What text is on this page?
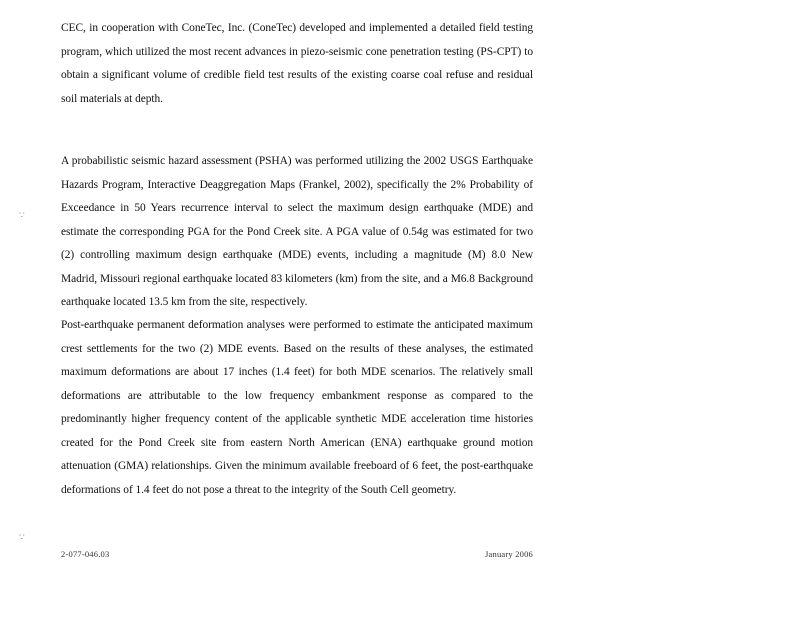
CEC, in cooperation with ConeTec, Inc. (ConeTec) developed and implemented a detailed field testing program, which utilized the most recent advances in piezo-seismic cone penetration testing (PS-CPT) to obtain a significant volume of credible field test results of the existing coarse coal refuse and residual soil materials at depth.

A probabilistic seismic hazard assessment (PSHA) was performed utilizing the 2002 USGS Earthquake Hazards Program, Interactive Deaggregation Maps (Frankel, 2002), specifically the 2% Probability of Exceedance in 50 Years recurrence interval to select the maximum design earthquake (MDE) and estimate the corresponding PGA for the Pond Creek site. A PGA value of 0.54g was estimated for two (2) controlling maximum design earthquake (MDE) events, including a magnitude (M) 8.0 New Madrid, Missouri regional earthquake located 83 kilometers (km) from the site, and a M6.8 Background earthquake located 13.5 km from the site, respectively.

Post-earthquake permanent deformation analyses were performed to estimate the anticipated maximum crest settlements for the two (2) MDE events. Based on the results of these analyses, the estimated maximum deformations are about 17 inches (1.4 feet) for both MDE scenarios. The relatively small deformations are attributable to the low frequency embankment response as compared to the predominantly higher frequency content of the applicable synthetic MDE acceleration time histories created for the Pond Creek site from eastern North American (ENA) earthquake ground motion attenuation (GMA) relationships. Given the minimum available freeboard of 6 feet, the post-earthquake deformations of 1.4 feet do not pose a threat to the integrity of the South Cell geometry.

2-077-046.03	January 2006
∵
∵
